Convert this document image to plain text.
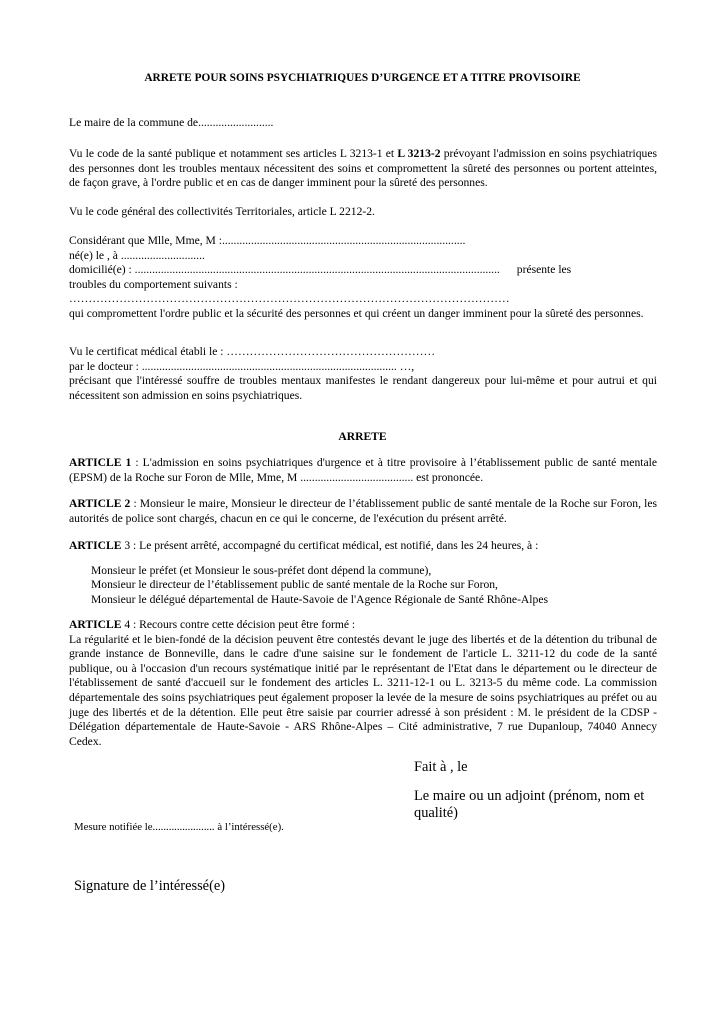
ARRETE POUR SOINS PSYCHIATRIQUES D’URGENCE ET A TITRE PROVISOIRE

Le maire de la commune de..........................

Vu le code de la santé publique et notamment ses articles L 3213-1 et L 3213-2 prévoyant l'admission en soins psychiatriques des personnes dont les troubles mentaux nécessitent des soins et compromettent la sûreté des personnes ou portent atteintes, de façon grave, à l'ordre public et en cas de danger imminent pour la sûreté des personnes.

Vu le code général des collectivités Territoriales, article L 2212-2.

Considérant que Mlle, Mme, M :....................................................................................

né(e) le , à .............................

domicilié(e) : .............................................................................................................................. présente les

troubles du comportement suivants :

……………………………………………………………………………………………………

qui compromettent l'ordre public et la sécurité des personnes et qui créent un danger imminent pour la sûreté des personnes.

Vu le certificat médical établi le : ………………………………………………

par le docteur : ........................................................................................ …,

précisant que l'intéressé souffre de troubles mentaux manifestes le rendant dangereux pour lui-même et pour autrui et qui nécessitent son admission en soins psychiatriques.

ARRETE

ARTICLE 1 : L'admission en soins psychiatriques d'urgence et à titre provisoire à l’établissement public de santé mentale (EPSM) de la Roche sur Foron de Mlle, Mme, M ....................................... est prononcée.

ARTICLE 2 : Monsieur le maire, Monsieur le directeur de l’établissement public de santé mentale de la Roche sur Foron, les autorités de police sont chargés, chacun en ce qui le concerne, de l'exécution du présent arrêté.

ARTICLE 3 : Le présent arrêté, accompagné du certificat médical, est notifié, dans les 24 heures, à :

Monsieur le préfet (et Monsieur le sous-préfet dont dépend la commune),

Monsieur le directeur de l’établissement public de santé mentale de la Roche sur Foron,

Monsieur le délégué départemental de Haute-Savoie de l'Agence Régionale de Santé Rhône-Alpes

ARTICLE 4 : Recours contre cette décision peut être formé :

La régularité et le bien-fondé de la décision peuvent être contestés devant le juge des libertés et de la détention du tribunal de grande instance de Bonneville, dans le cadre d'une saisine sur le fondement de l'article L. 3211-12 du code de la santé publique, ou à l'occasion d'un recours systématique initié par le représentant de l'Etat dans le département ou le directeur de l'établissement de santé d'accueil sur le fondement des articles L. 3211-12-1 ou L. 3213-5 du même code. La commission départementale des soins psychiatriques peut également proposer la levée de la mesure de soins psychiatriques au préfet ou au juge des libertés et de la détention. Elle peut être saisie par courrier adressé à son président : M. le président de la CDSP - Délégation départementale de Haute-Savoie - ARS Rhône-Alpes – Cité administrative, 7 rue Dupanloup, 74040 Annecy Cedex.

Fait à , le
Le maire ou un adjoint (prénom, nom et qualité)
Mesure notifiée le....................... à l’intéressé(e).
Signature de l’intéressé(e)
